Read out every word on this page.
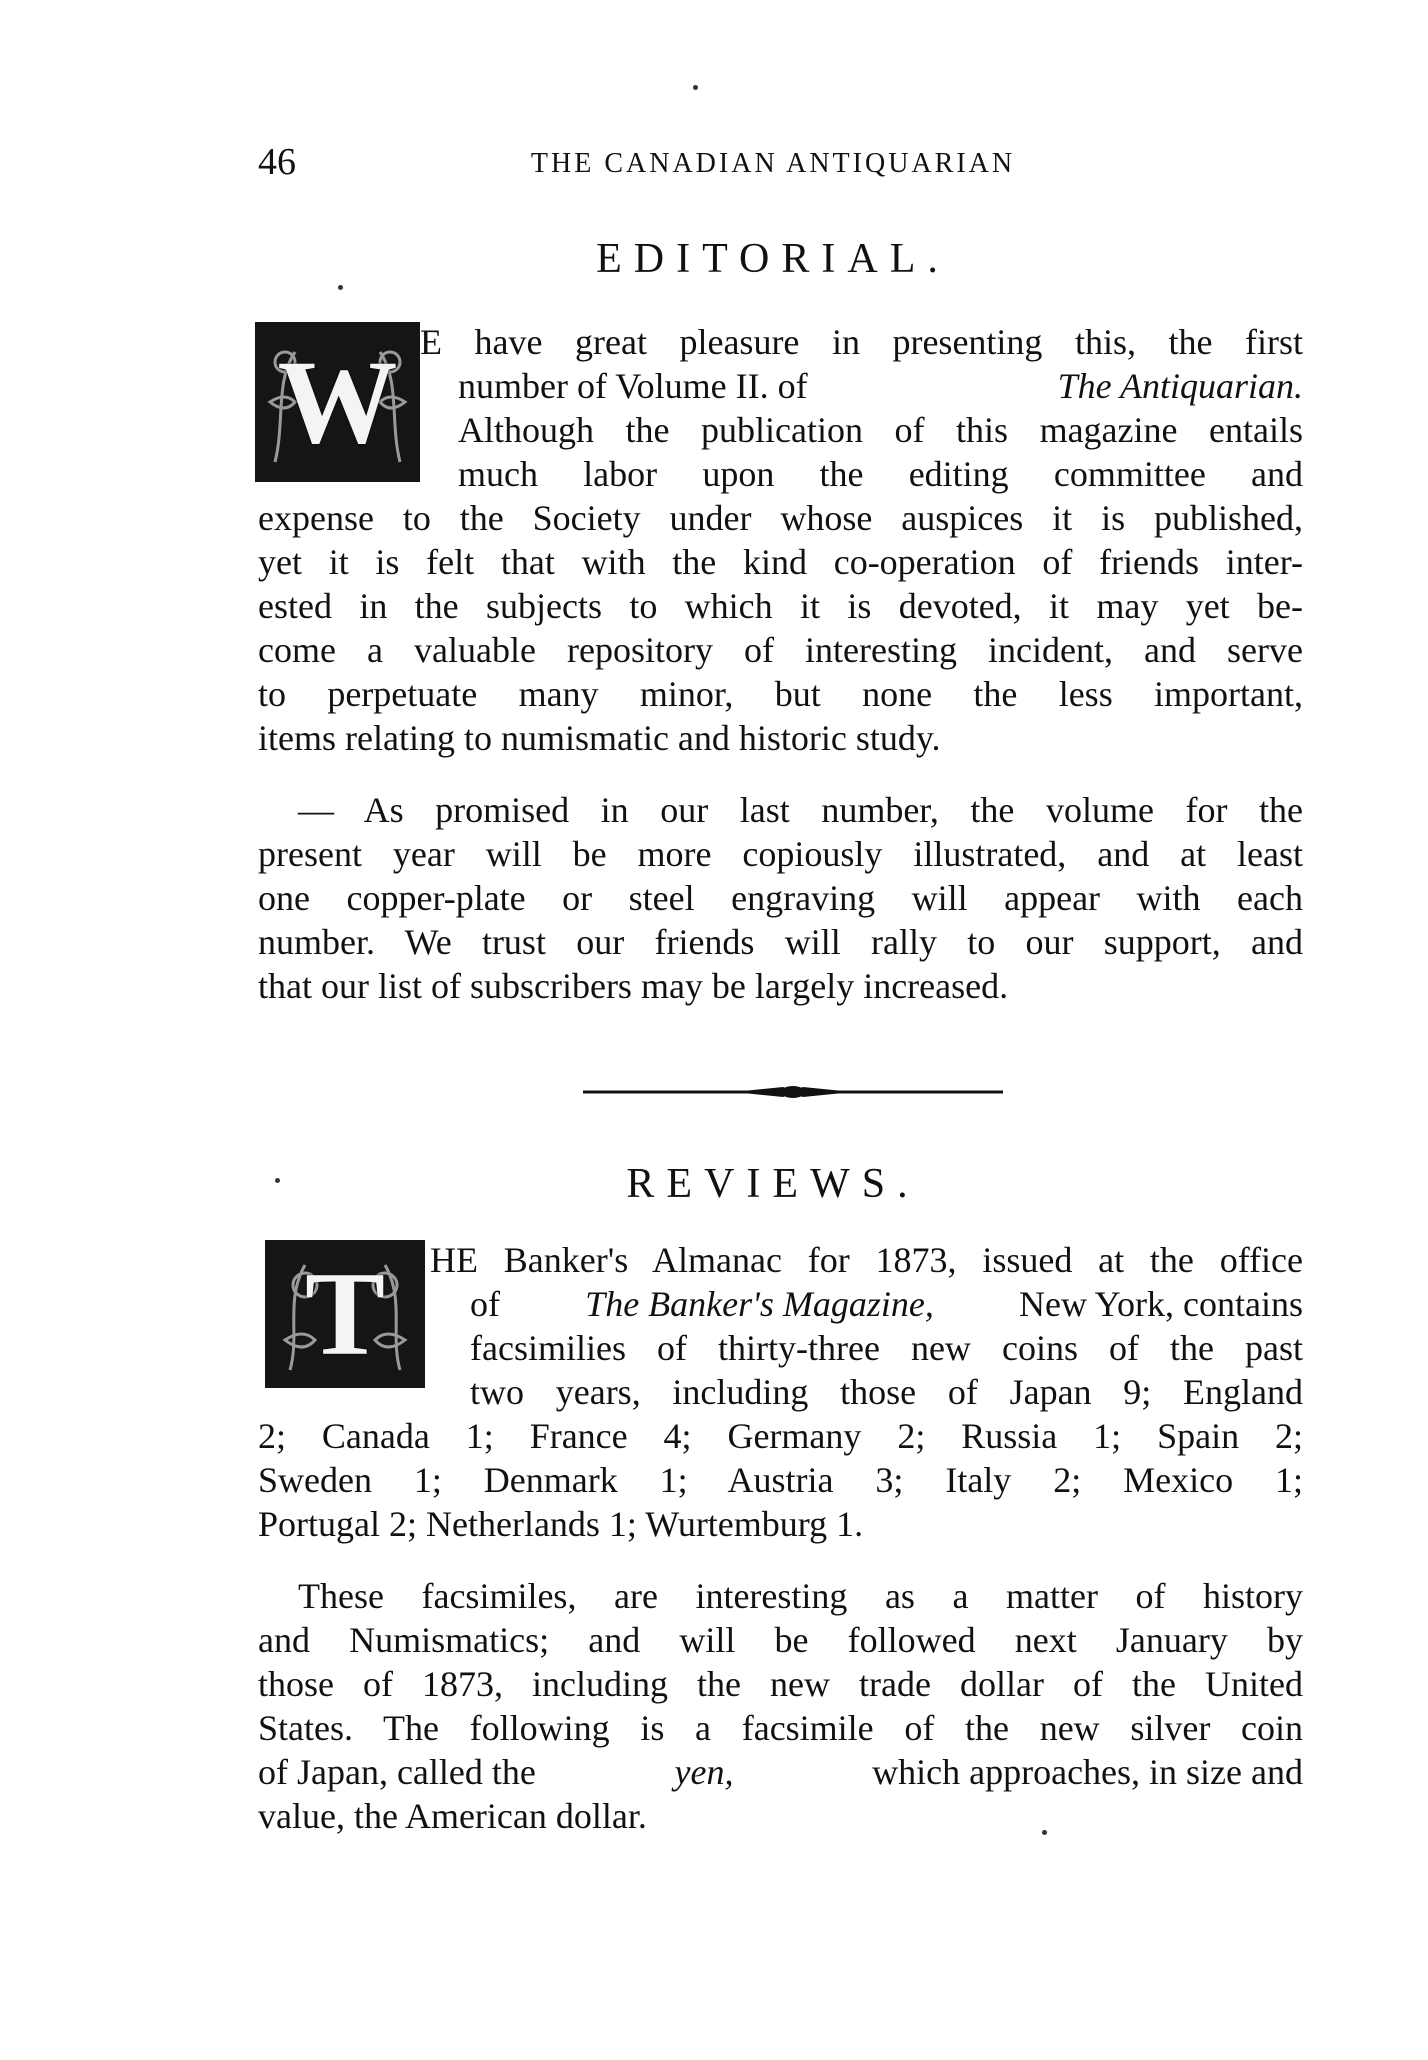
46	THE CANADIAN ANTIQUARIAN
EDITORIAL.
W E have great pleasure in presenting this, the first
number of Volume II. of	The Antiquarian.
Although the publication of this magazine entails
much labor upon the editing committee and
expense to the Society under whose auspices it is published,
yet it is felt that with the kind co-operation of friends inter-
ested in the subjects to which it is devoted, it may yet be-
come a valuable repository of interesting incident, and serve
to perpetuate many minor, but none the less important,
items relating to numismatic and historic study.
— As promised in our last number, the volume for the
present year will be more copiously illustrated, and at least
one copper-plate or steel engraving will appear with each
number. We trust our friends will rally to our support, and
that our list of subscribers may be largely increased.
REVIEWS.
T HE Banker's Almanac for 1873, issued at the office
of The Banker's Magazine, New York, contains
facsimilies of thirty-three new coins of the past
two years, including those of Japan 9; England
2; Canada 1; France 4; Germany 2; Russia 1; Spain 2;
Sweden 1; Denmark 1; Austria 3; Italy 2; Mexico 1;
Portugal 2; Netherlands 1; Wurtemburg 1.
These facsimiles, are interesting as a matter of history
and Numismatics; and will be followed next January by
those of 1873, including the new trade dollar of the United
States. The following is a facsimile of the new silver coin
of Japan, called the	yen,	which approaches, in size and
value, the American dollar.
